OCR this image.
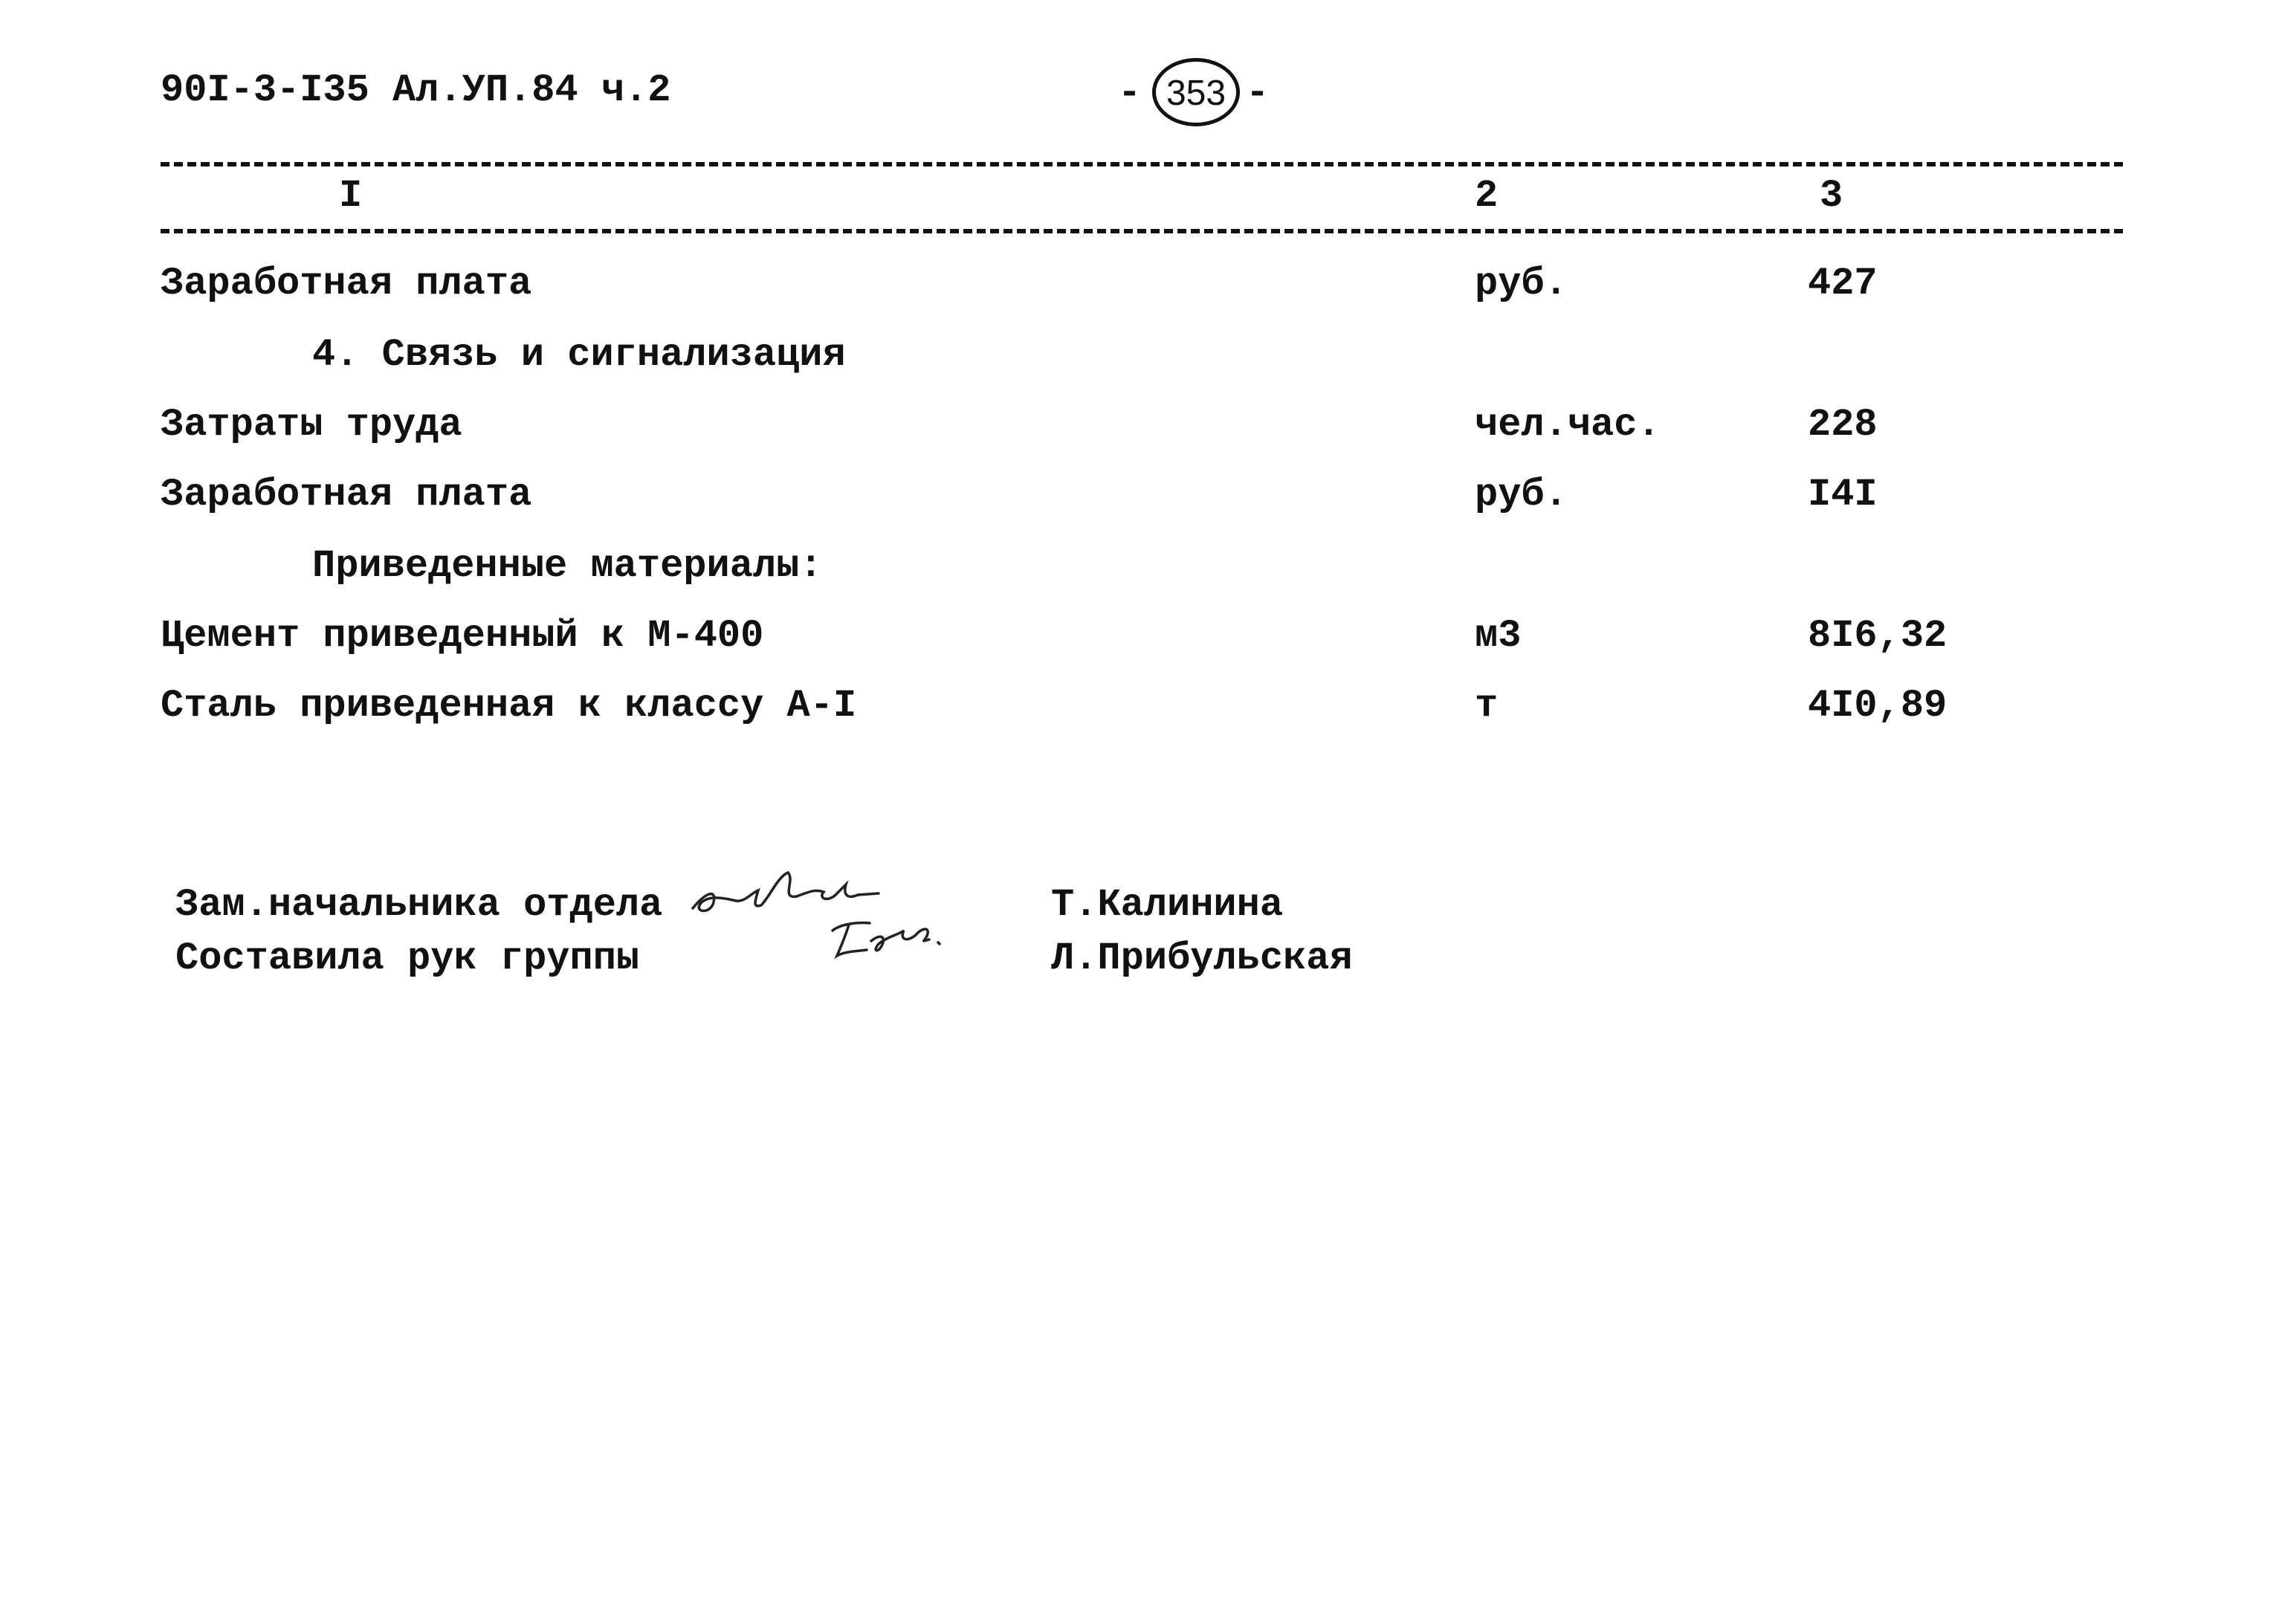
90I-3-I35 Ал.УП.84 ч.2	- 353 -
I	2	3
Заработная плата	руб.	427
4. Связь и сигнализация
Затраты труда	чел.час.	228
Заработная плата	руб.	I4I
Приведенные материалы:
Цемент приведенный к М-400	м3	8I6,32
Сталь приведенная к классу А-I	т	4I0,89
Зам.начальника отдела	Т.Калинина
Составила рук группы	Л.Прибульская
